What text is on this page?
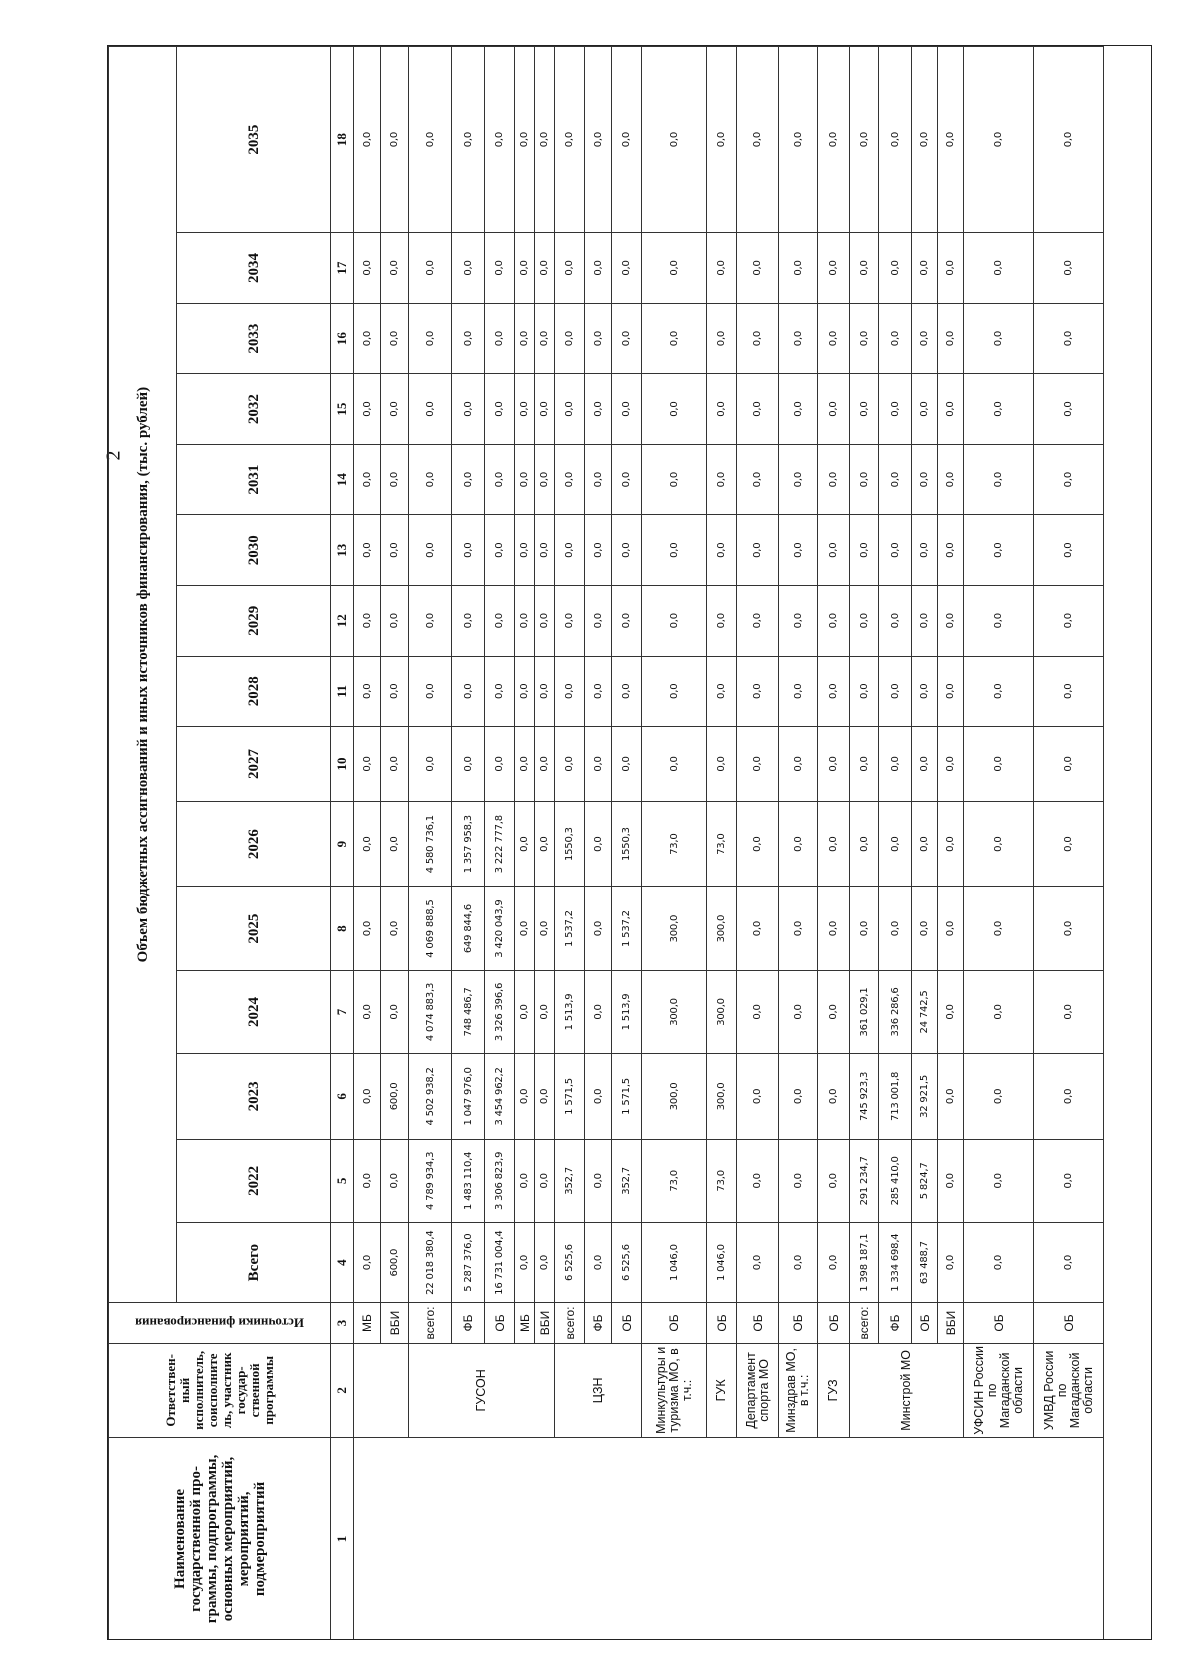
2
Наименование государственной про-граммы, подпрограммы, основных мероприятий, мероприятий, подмероприятий	Ответствен-ный исполнитель, соисполните ль, участник государ-ственной программы	Источники финансирования	Объем бюджетных ассигнований и иных источников финансирования, (тыс. рублей)														
			Всего	2022	2023	2024	2025	2026	2027	2028	2029	2030	2031	2032	2033	2034	2035
1	2	3	4	5	6	7	8	9	10	11	12	13	14	15	16	17	18
		МБ	0,0	0,0	0,0	0,0	0,0	0,0	0,0	0,0	0,0	0,0	0,0	0,0	0,0	0,0	0,0
		ВБИ	600,0	0,0	600,0	0,0	0,0	0,0	0,0	0,0	0,0	0,0	0,0	0,0	0,0	0,0	0,0
	ГУСОН	всего:	22 018 380,4	4 789 934,3	4 502 938,2	4 074 883,3	4 069 888,5	4 580 736,1	0,0	0,0	0,0	0,0	0,0	0,0	0,0	0,0	0,0
		ФБ	5 287 376,0	1 483 110,4	1 047 976,0	748 486,7	649 844,6	1 357 958,3	0,0	0,0	0,0	0,0	0,0	0,0	0,0	0,0	0,0
		ОБ	16 731 004,4	3 306 823,9	3 454 962,2	3 326 396,6	3 420 043,9	3 222 777,8	0,0	0,0	0,0	0,0	0,0	0,0	0,0	0,0	0,0
		МБ	0,0	0,0	0,0	0,0	0,0	0,0	0,0	0,0	0,0	0,0	0,0	0,0	0,0	0,0	0,0
		ВБИ	0,0	0,0	0,0	0,0	0,0	0,0	0,0	0,0	0,0	0,0	0,0	0,0	0,0	0,0	0,0
	ЦЗН	всего:	6 525,6	352,7	1 571,5	1 513,9	1 537,2	1550,3	0,0	0,0	0,0	0,0	0,0	0,0	0,0	0,0	0,0
		ФБ	0,0	0,0	0,0	0,0	0,0	0,0	0,0	0,0	0,0	0,0	0,0	0,0	0,0	0,0	0,0
		ОБ	6 525,6	352,7	1 571,5	1 513,9	1 537,2	1550,3	0,0	0,0	0,0	0,0	0,0	0,0	0,0	0,0	0,0
	Минкультуры и туризма МО, в т.ч.:	ОБ	1 046,0	73,0	300,0	300,0	300,0	73,0	0,0	0,0	0,0	0,0	0,0	0,0	0,0	0,0	0,0
	ГУК	ОБ	1 046,0	73,0	300,0	300,0	300,0	73,0	0,0	0,0	0,0	0,0	0,0	0,0	0,0	0,0	0,0
	Департамент спорта МО	ОБ	0,0	0,0	0,0	0,0	0,0	0,0	0,0	0,0	0,0	0,0	0,0	0,0	0,0	0,0	0,0
	Минздрав МО, в т.ч.:	ОБ	0,0	0,0	0,0	0,0	0,0	0,0	0,0	0,0	0,0	0,0	0,0	0,0	0,0	0,0	0,0
	ГУЗ	ОБ	0,0	0,0	0,0	0,0	0,0	0,0	0,0	0,0	0,0	0,0	0,0	0,0	0,0	0,0	0,0
	Минстрой МО	всего:	1 398 187,1	291 234,7	745 923,3	361 029,1	0,0	0,0	0,0	0,0	0,0	0,0	0,0	0,0	0,0	0,0	0,0
		ФБ	1 334 698,4	285 410,0	713 001,8	336 286,6	0,0	0,0	0,0	0,0	0,0	0,0	0,0	0,0	0,0	0,0	0,0
		ОБ	63 488,7	5 824,7	32 921,5	24 742,5	0,0	0,0	0,0	0,0	0,0	0,0	0,0	0,0	0,0	0,0	0,0
		ВБИ	0,0	0,0	0,0	0,0	0,0	0,0	0,0	0,0	0,0	0,0	0,0	0,0	0,0	0,0	0,0
	УФСИН России по Магаданской области	ОБ	0,0	0,0	0,0	0,0	0,0	0,0	0,0	0,0	0,0	0,0	0,0	0,0	0,0	0,0	0,0
	УМВД России по Магаданской области	ОБ	0,0	0,0	0,0	0,0	0,0	0,0	0,0	0,0	0,0	0,0	0,0	0,0	0,0	0,0	0,0
